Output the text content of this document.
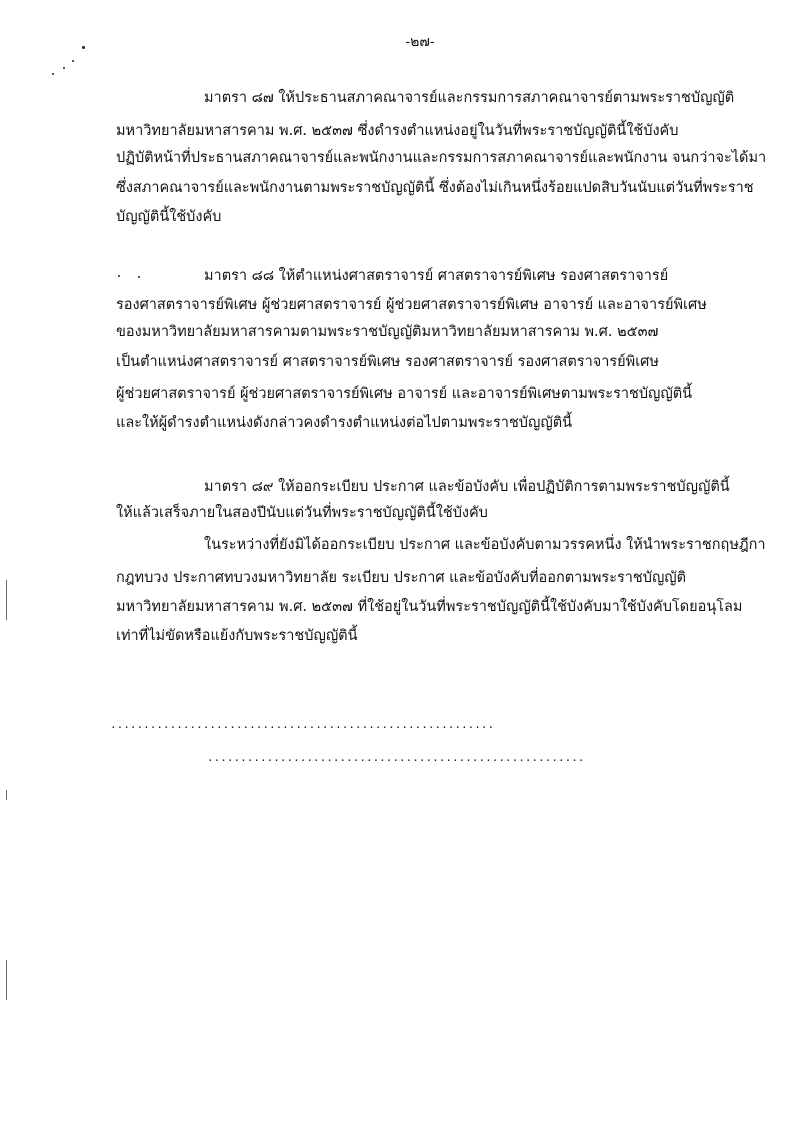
-๒๗-
มาตรา ๘๗ ให้ประธานสภาคณาจารย์และกรรมการสภาคณาจารย์ตามพระราชบัญญัติ
มหาวิทยาลัยมหาสารคาม พ.ศ. ๒๕๓๗ ซึ่งดำรงตำแหน่งอยู่ในวันที่พระราชบัญญัตินี้ใช้บังคับ
ปฏิบัติหน้าที่ประธานสภาคณาจารย์และพนักงานและกรรมการสภาคณาจารย์และพนักงาน จนกว่าจะได้มา
ซึ่งสภาคณาจารย์และพนักงานตามพระราชบัญญัตินี้ ซึ่งต้องไม่เกินหนึ่งร้อยแปดสิบวันนับแต่วันที่พระราช
บัญญัตินี้ใช้บังคับ
มาตรา ๘๘ ให้ตำแหน่งศาสตราจารย์ ศาสตราจารย์พิเศษ รองศาสตราจารย์
รองศาสตราจารย์พิเศษ ผู้ช่วยศาสตราจารย์ ผู้ช่วยศาสตราจารย์พิเศษ อาจารย์ และอาจารย์พิเศษ
ของมหาวิทยาลัยมหาสารคามตามพระราชบัญญัติมหาวิทยาลัยมหาสารคาม พ.ศ. ๒๕๓๗
เป็นตำแหน่งศาสตราจารย์ ศาสตราจารย์พิเศษ รองศาสตราจารย์ รองศาสตราจารย์พิเศษ
ผู้ช่วยศาสตราจารย์ ผู้ช่วยศาสตราจารย์พิเศษ อาจารย์ และอาจารย์พิเศษตามพระราชบัญญัตินี้
และให้ผู้ดำรงตำแหน่งดังกล่าวคงดำรงตำแหน่งต่อไปตามพระราชบัญญัตินี้
มาตรา ๘๙ ให้ออกระเบียบ ประกาศ และข้อบังคับ เพื่อปฏิบัติการตามพระราชบัญญัตินี้
ให้แล้วเสร็จภายในสองปีนับแต่วันที่พระราชบัญญัตินี้ใช้บังคับ
ในระหว่างที่ยังมิได้ออกระเบียบ ประกาศ และข้อบังคับตามวรรคหนึ่ง ให้นำพระราชกฤษฎีกา
กฎทบวง ประกาศทบวงมหาวิทยาลัย ระเบียบ ประกาศ และข้อบังคับที่ออกตามพระราชบัญญัติ
มหาวิทยาลัยมหาสารคาม พ.ศ. ๒๕๓๗ ที่ใช้อยู่ในวันที่พระราชบัญญัตินี้ใช้บังคับมาใช้บังคับโดยอนุโลม
เท่าที่ไม่ขัดหรือแย้งกับพระราชบัญญัตินี้
..........................................................
.........................................................
